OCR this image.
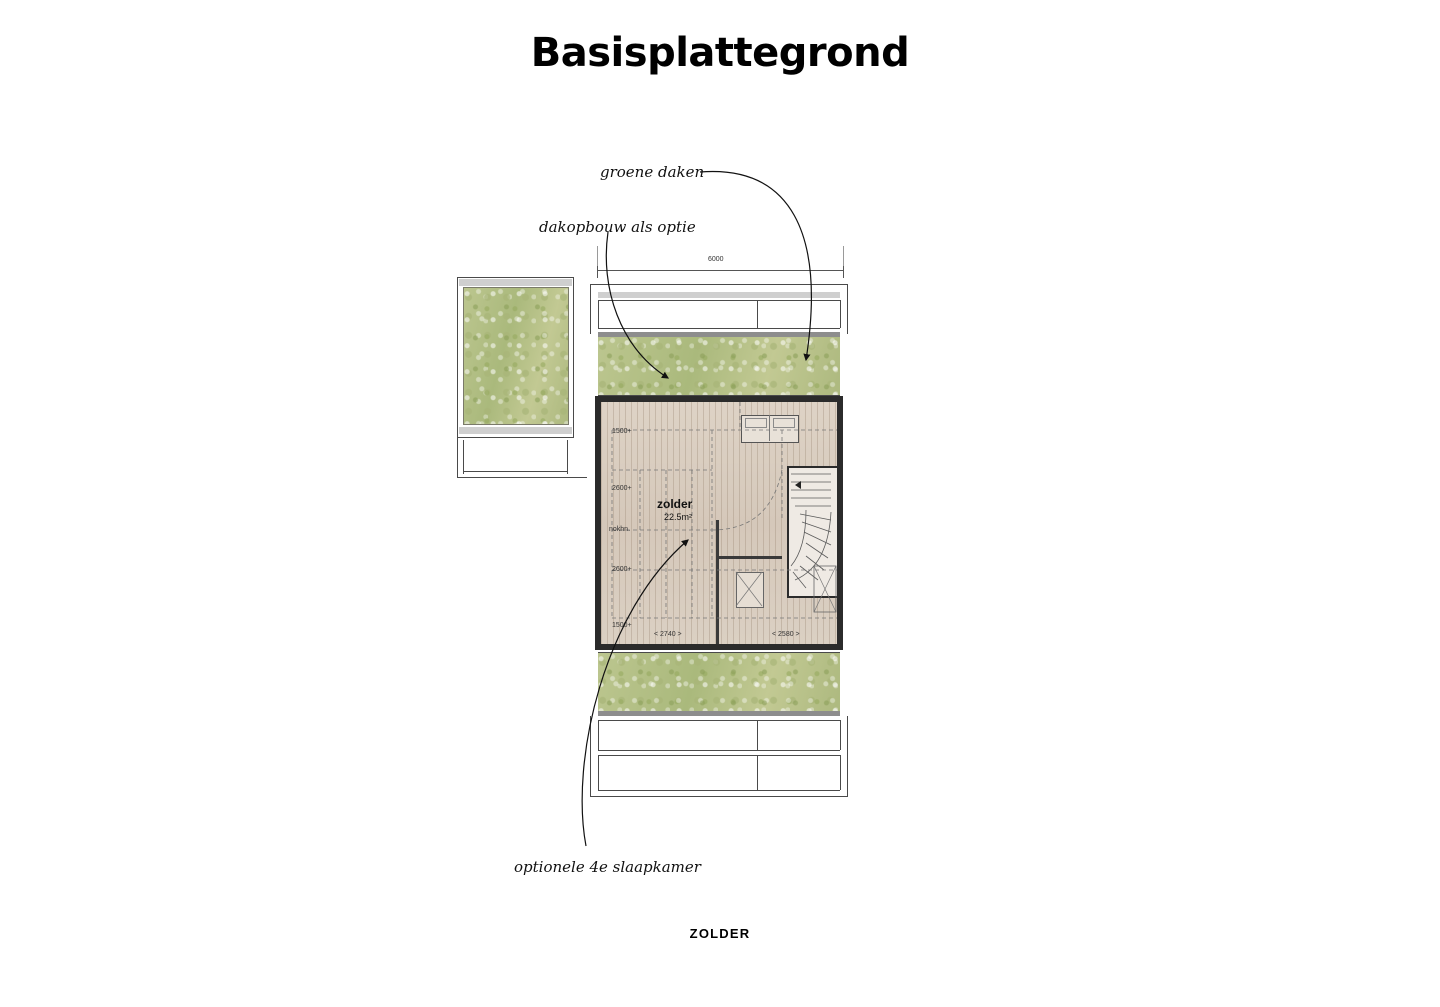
Basisplattegrond
6000
1500+
2600+
nokhn.
2600+
1500+
< 2740 >	< 2580 >
zolder
22.5m²
groene daken
dakopbouw als optie
optionele 4e slaapkamer
ZOLDER
